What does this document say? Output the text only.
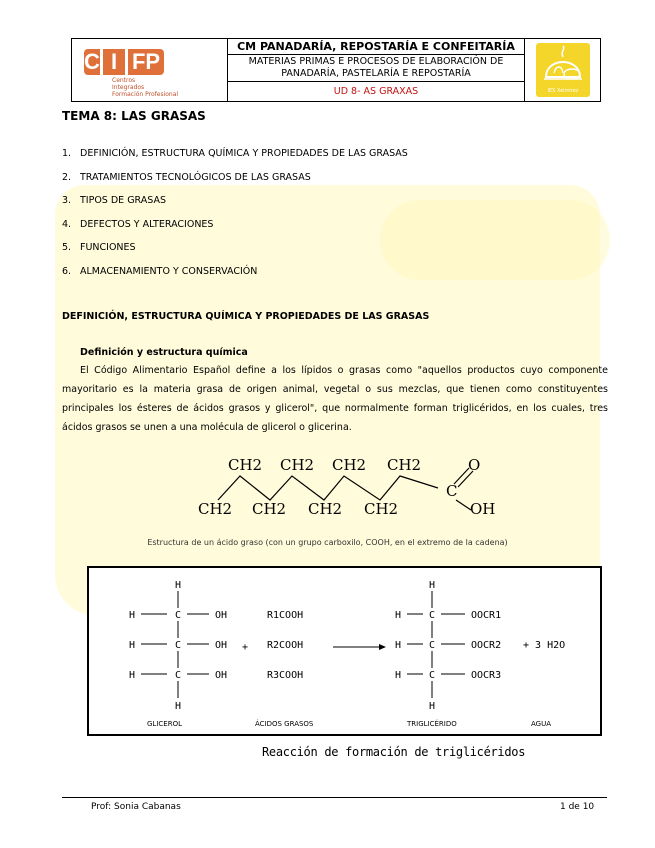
C I FP
Centros
Integrados
Formación Profesional
CM PANADARÍA, REPOSTARÍA E CONFEITARÍA
MATERIAS PRIMAS E PROCESOS DE ELABORACIÓN DE
PANADARÍA, PASTELARÍA E REPOSTARÍA
UD 8- AS GRAXAS	IES Xelmirez
TEMA 8: LAS GRASAS
1. DEFINICIÓN, ESTRUCTURA QUÍMICA Y PROPIEDADES DE LAS GRASAS
2. TRATAMIENTOS TECNOLÓGICOS DE LAS GRASAS
3. TIPOS DE GRASAS
4. DEFECTOS Y ALTERACIONES
5. FUNCIONES
6. ALMACENAMIENTO Y CONSERVACIÓN
DEFINICIÓN, ESTRUCTURA QUÍMICA Y PROPIEDADES DE LAS GRASAS
Definición y estructura química

El Código Alimentario Español define a los lípidos o grasas como "aquellos productos cuyo componente mayoritario es la materia grasa de origen animal, vegetal o sus mezclas, que tienen como constituyentes principales los ésteres de ácidos grasos y glicerol", que normalmente forman triglicéridos, en los cuales, tres ácidos grasos se unen a una molécula de glicerol o glicerina.

CH2 CH2 CH2 CH2
CH2 CH2 CH2 CH2
C
O
OH
Estructura de un ácido graso (con un grupo carboxilo, COOH, en el extremo de la cadena)
H
H
H
H
C
C
C
OH
OH
OH
H
+
R1COOH
R2COOH
R3COOH
H
H
H
H
C
C
C
OOCR1
OOCR2
OOCR3
H
+ 3 H2O
GLICEROL	ÁCIDOS GRASOS	TRIGLICÉRIDO	AGUA
Reacción de formación de triglicéridos
Prof: Sonia Cabanas	1 de 10
